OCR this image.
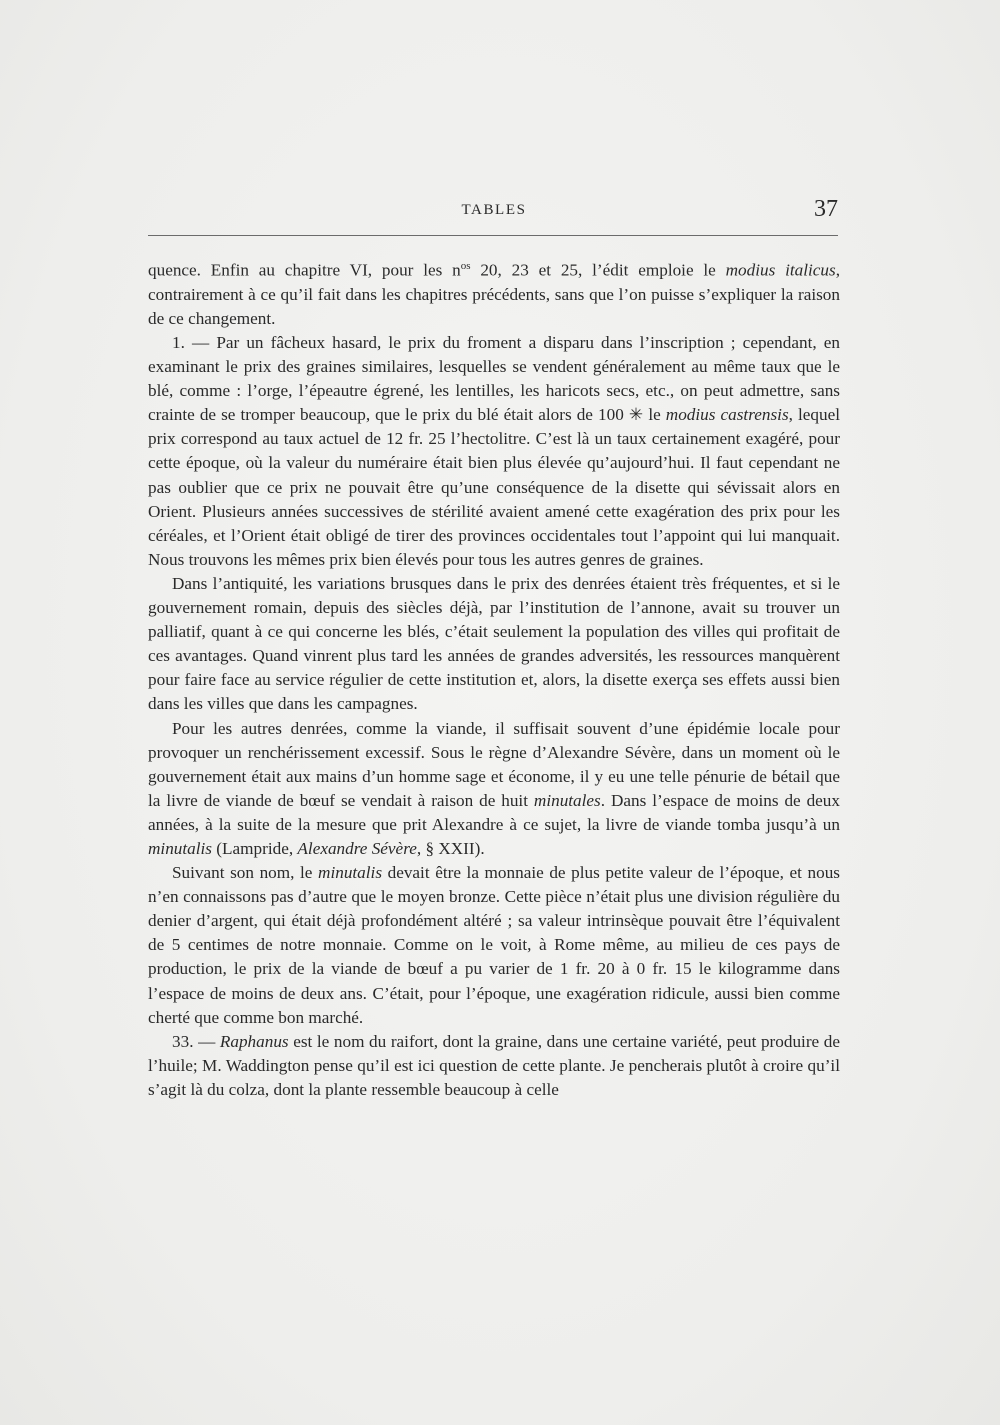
TABLES	37

quence. Enfin au chapitre VI, pour les $n^{os}$ 20, 23 et 25, l’édit emploie le modius italicus, contrairement à ce qu’il fait dans les chapitres précédents, sans que l’on puisse s’expliquer la raison de ce changement.

1. — Par un fâcheux hasard, le prix du froment a disparu dans l’inscription ; cependant, en examinant le prix des graines similaires, lesquelles se vendent généralement au même taux que le blé, comme : l’orge, l’épeautre égrené, les lentilles, les haricots secs, etc., on peut admettre, sans crainte de se tromper beaucoup, que le prix du blé était alors de 100 ✳ le modius castrensis, lequel prix correspond au taux actuel de 12 fr. 25 l’hectolitre. C’est là un taux certainement exagéré, pour cette époque, où la valeur du numéraire était bien plus élevée qu’aujourd’hui. Il faut cependant ne pas oublier que ce prix ne pouvait être qu’une conséquence de la disette qui sévissait alors en Orient. Plusieurs années successives de stérilité avaient amené cette exagération des prix pour les céréales, et l’Orient était obligé de tirer des provinces occidentales tout l’appoint qui lui manquait. Nous trouvons les mêmes prix bien élevés pour tous les autres genres de graines.

Dans l’antiquité, les variations brusques dans le prix des denrées étaient très fréquentes, et si le gouvernement romain, depuis des siècles déjà, par l’institution de l’annone, avait su trouver un palliatif, quant à ce qui concerne les blés, c’était seulement la population des villes qui profitait de ces avantages. Quand vinrent plus tard les années de grandes adversités, les ressources manquèrent pour faire face au service régulier de cette institution et, alors, la disette exerça ses effets aussi bien dans les villes que dans les campagnes.

Pour les autres denrées, comme la viande, il suffisait souvent d’une épidémie locale pour provoquer un renchérissement excessif. Sous le règne d’Alexandre Sévère, dans un moment où le gouvernement était aux mains d’un homme sage et économe, il y eu une telle pénurie de bétail que la livre de viande de bœuf se vendait à raison de huit minutales. Dans l’espace de moins de deux années, à la suite de la mesure que prit Alexandre à ce sujet, la livre de viande tomba jusqu’à un minutalis (Lampride, Alexandre Sévère, § XXII).

Suivant son nom, le minutalis devait être la monnaie de plus petite valeur de l’époque, et nous n’en connaissons pas d’autre que le moyen bronze. Cette pièce n’était plus une division régulière du denier d’argent, qui était déjà profondément altéré ; sa valeur intrinsèque pouvait être l’équivalent de 5 centimes de notre monnaie. Comme on le voit, à Rome même, au milieu de ces pays de production, le prix de la viande de bœuf a pu varier de 1 fr. 20 à 0 fr. 15 le kilogramme dans l’espace de moins de deux ans. C’était, pour l’époque, une exagération ridicule, aussi bien comme cherté que comme bon marché.

33. — Raphanus est le nom du raifort, dont la graine, dans une certaine variété, peut produire de l’huile; M. Waddington pense qu’il est ici question de cette plante. Je pencherais plutôt à croire qu’il s’agit là du colza, dont la plante ressemble beaucoup à celle
